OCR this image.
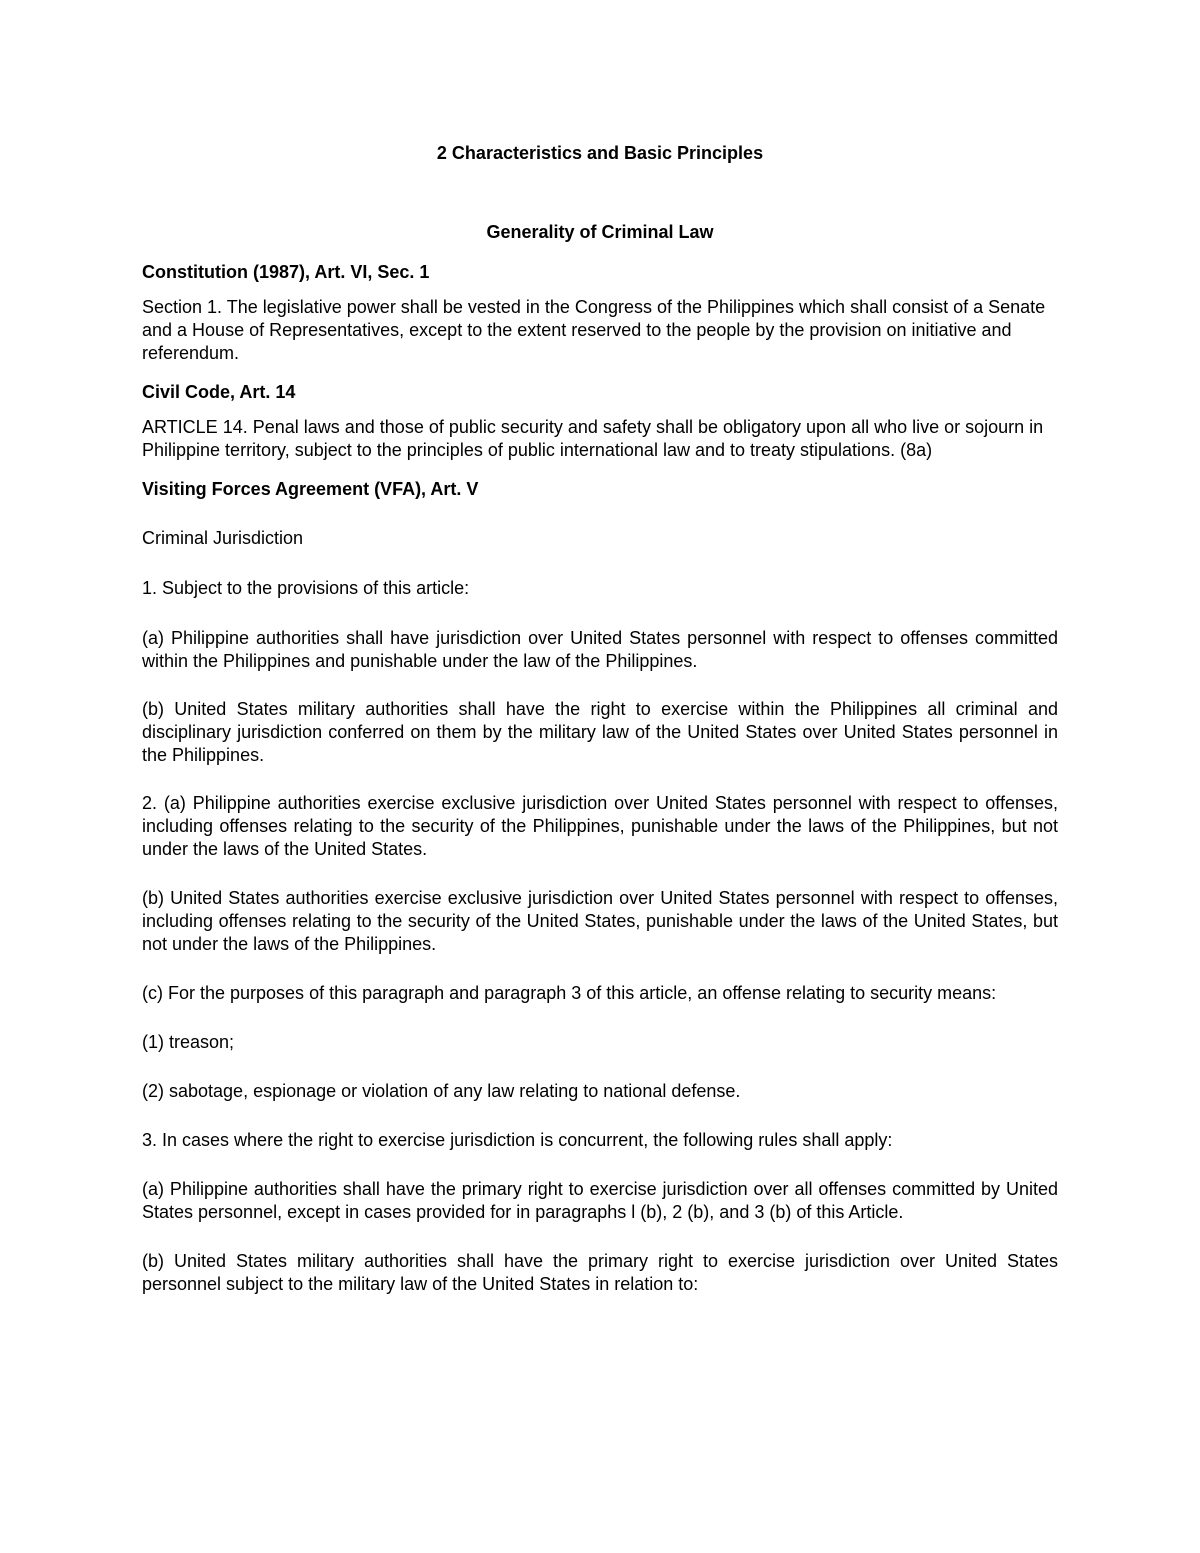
2 Characteristics and Basic Principles

Generality of Criminal Law

Constitution (1987), Art. VI, Sec. 1

Section 1. The legislative power shall be vested in the Congress of the Philippines which shall consist of a Senate and a House of Representatives, except to the extent reserved to the people by the provision on initiative and referendum.

Civil Code, Art. 14

ARTICLE 14. Penal laws and those of public security and safety shall be obligatory upon all who live or sojourn in Philippine territory, subject to the principles of public international law and to treaty stipulations. (8a)

Visiting Forces Agreement (VFA), Art. V

Criminal Jurisdiction

1. Subject to the provisions of this article:

(a) Philippine authorities shall have jurisdiction over United States personnel with respect to offenses committed within the Philippines and punishable under the law of the Philippines.

(b) United States military authorities shall have the right to exercise within the Philippines all criminal and disciplinary jurisdiction conferred on them by the military law of the United States over United States personnel in the Philippines.

2. (a) Philippine authorities exercise exclusive jurisdiction over United States personnel with respect to offenses, including offenses relating to the security of the Philippines, punishable under the laws of the Philippines, but not under the laws of the United States.

(b) United States authorities exercise exclusive jurisdiction over United States personnel with respect to offenses, including offenses relating to the security of the United States, punishable under the laws of the United States, but not under the laws of the Philippines.

(c) For the purposes of this paragraph and paragraph 3 of this article, an offense relating to security means:

(1) treason;

(2) sabotage, espionage or violation of any law relating to national defense.

3. In cases where the right to exercise jurisdiction is concurrent, the following rules shall apply:

(a) Philippine authorities shall have the primary right to exercise jurisdiction over all offenses committed by United States personnel, except in cases provided for in paragraphs l (b), 2 (b), and 3 (b) of this Article.

(b) United States military authorities shall have the primary right to exercise jurisdiction over United States personnel subject to the military law of the United States in relation to:
